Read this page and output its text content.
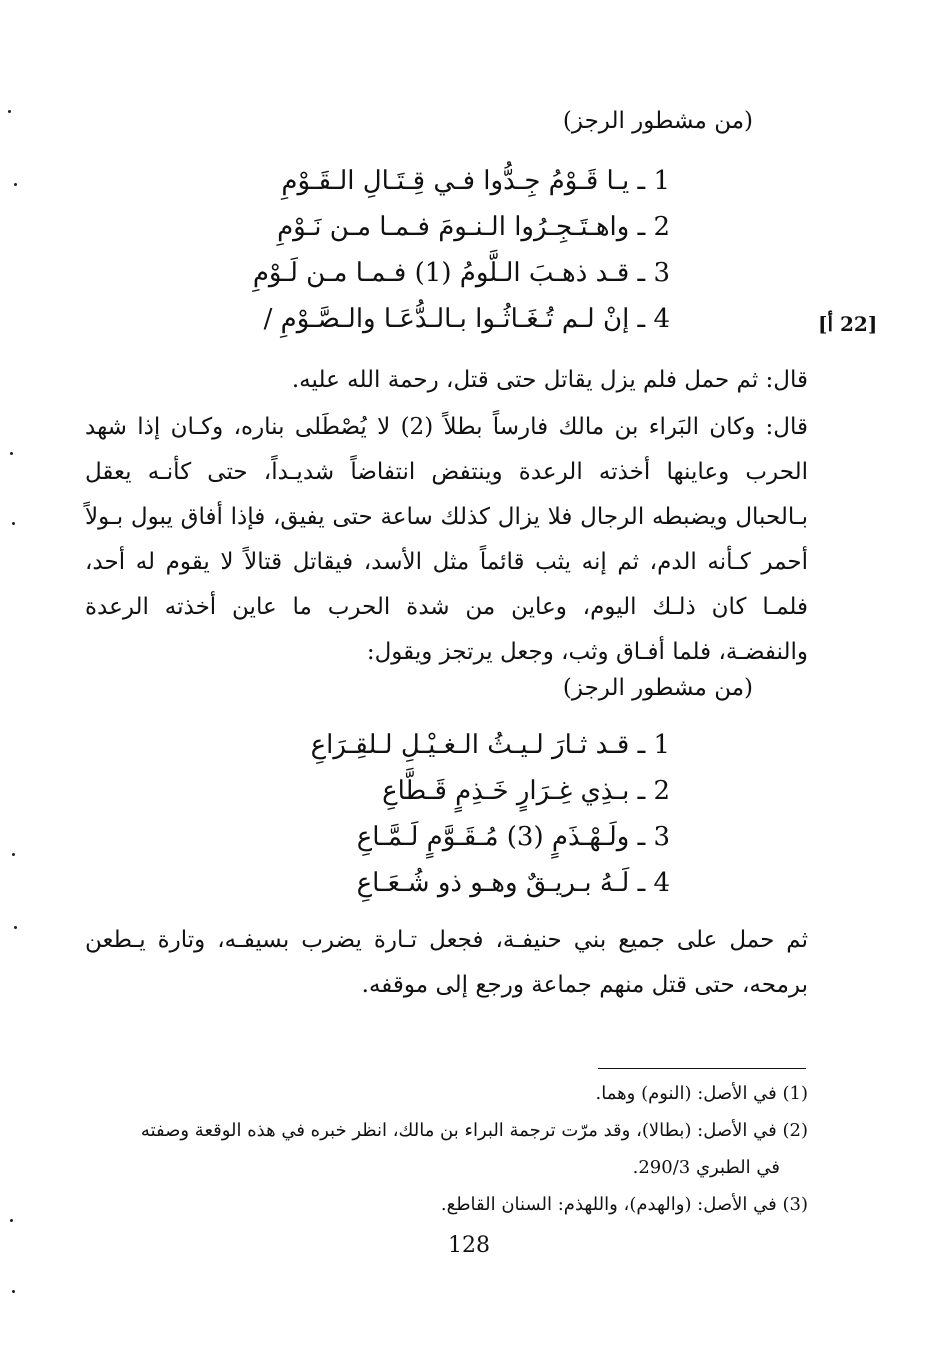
(من مشطور الرجز)
1 ـ يـا قَـوْمُ جِـدُّوا فـي قِـتَـالِ الـقَـوْمِ
2 ـ واهـتَـجِـرُوا الـنـومَ فـمـا مـن نَـوْمِ
3 ـ قـد ذهـبَ الـلَّومُ (1) فـمـا مـن لَـوْمِ
4 ـ إنْ لـم تُـغَـاثُـوا بـالـدُّعَـا والـصَّـوْمِ /	[22 أ]
قال: ثم حمل فلم يزل يقاتل حتى قتل، رحمة الله عليه.
قال: وكان البَراء بن مالك فارساً بطلاً (2) لا يُصْطَلى بناره، وكـان إذا شهد الحرب وعاينها أخذته الرعدة وينتفض انتفاضاً شديـداً، حتى كأنـه يعقل بـالحبال ويضبطه الرجال فلا يزال كذلك ساعة حتى يفيق، فإذا أفاق يبول بـولاً أحمر كـأنه الدم، ثم إنه يثب قائماً مثل الأسد، فيقاتل قتالاً لا يقوم له أحد، فلمـا كان ذلـك اليوم، وعاين من شدة الحرب ما عاين أخذته الرعدة والنفضـة، فلما أفـاق وثب، وجعل يرتجز ويقول:
(من مشطور الرجز)
1 ـ قـد ثـارَ لـيـثُ الـغـيْـلِ لـلقِـرَاعِ
2 ـ بـذِي غِـرَارٍ خَـذِمٍ قَـطَّاعِ
3 ـ ولَـهْـذَمٍ (3) مُـقَـوَّمٍ لَـمَّـاعِ
4 ـ لَـهُ بـريـقٌ وهـو ذو شُـعَـاعِ
ثم حمل على جميع بني حنيفـة، فجعل تـارة يضرب بسيفـه، وتارة يـطعن برمحه، حتى قتل منهم جماعة ورجع إلى موقفه.

(1) في الأصل: (النوم) وهما.

(2) في الأصل: (بطالا)، وقد مرّت ترجمة البراء بن مالك، انظر خبره في هذه الوقعة وصفته

في الطبري 290/3.

(3) في الأصل: (والهدم)، واللهذم: السنان القاطع.

128
